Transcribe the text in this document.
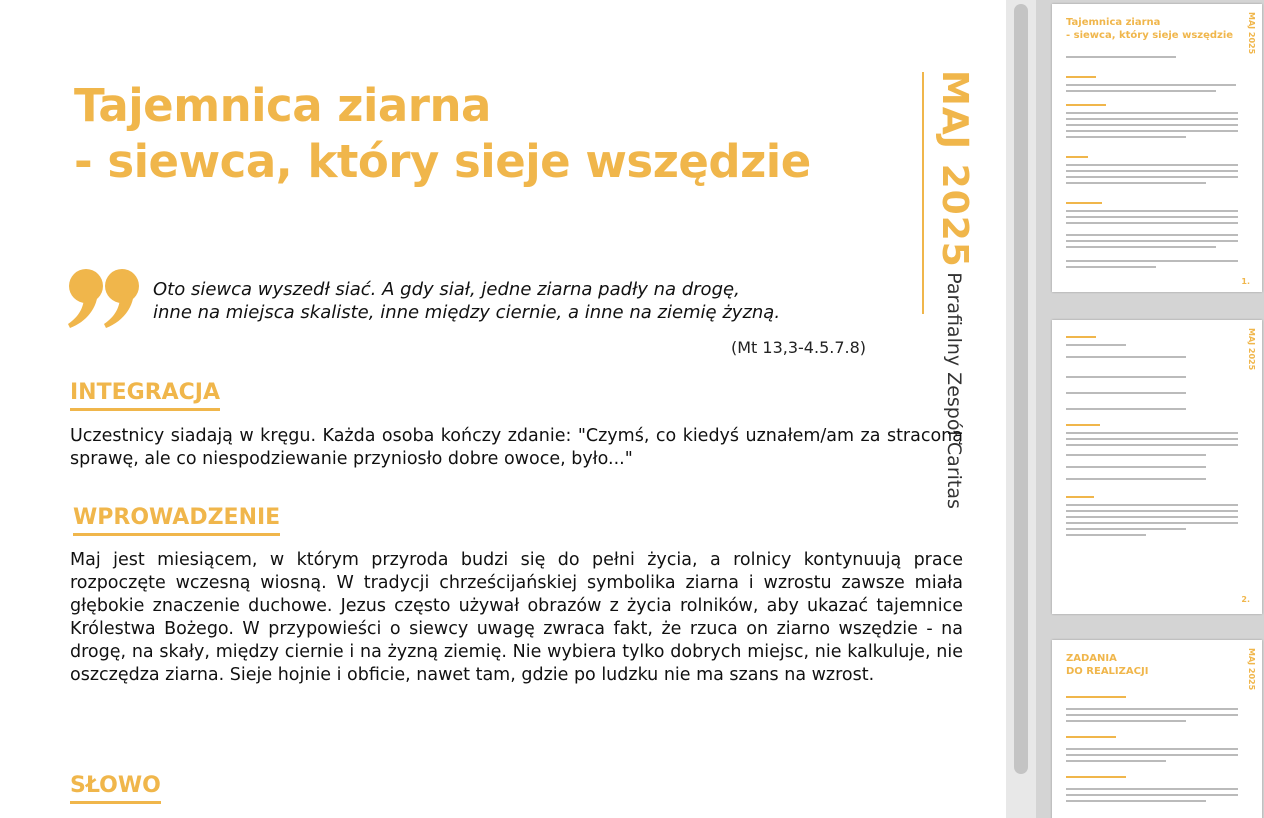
Tajemnica ziarna
- siewca, który sieje wszędzie	MAJ 2025 Parafialny Zespół Caritas
Oto siewca wyszedł siać. A gdy siał, jedne ziarna padły na drogę,
inne na miejsca skaliste, inne między ciernie, a inne na ziemię żyzną.
(Mt 13,3-4.5.7.8)
INTEGRACJA

Uczestnicy siadają w kręgu. Każda osoba kończy zdanie: "Czymś, co kiedyś uznałem/am za straconą sprawę, ale co niespodziewanie przyniosło dobre owoce, było..."

WPROWADZENIE

Maj jest miesiącem, w którym przyroda budzi się do pełni życia, a rolnicy kontynuują prace rozpoczęte wczesną wiosną. W tradycji chrześcijańskiej symbolika ziarna i wzrostu zawsze miała głębokie znaczenie duchowe. Jezus często używał obrazów z życia rolników, aby ukazać tajemnice Królestwa Bożego. W przypowieści o siewcy uwagę zwraca fakt, że rzuca on ziarno wszędzie - na drogę, na skały, między ciernie i na żyzną ziemię. Nie wybiera tylko dobrych miejsc, nie kalkuluje, nie oszczędza ziarna. Sieje hojnie i obficie, nawet tam, gdzie po ludzku nie ma szans na wzrost.

SŁOWO
Tajemnica ziarna
- siewca, który sieje wszędzie MAJ 2025
1.
MAJ 2025
2.
ZADANIA
DO REALIZACJI	MAJ 2025
